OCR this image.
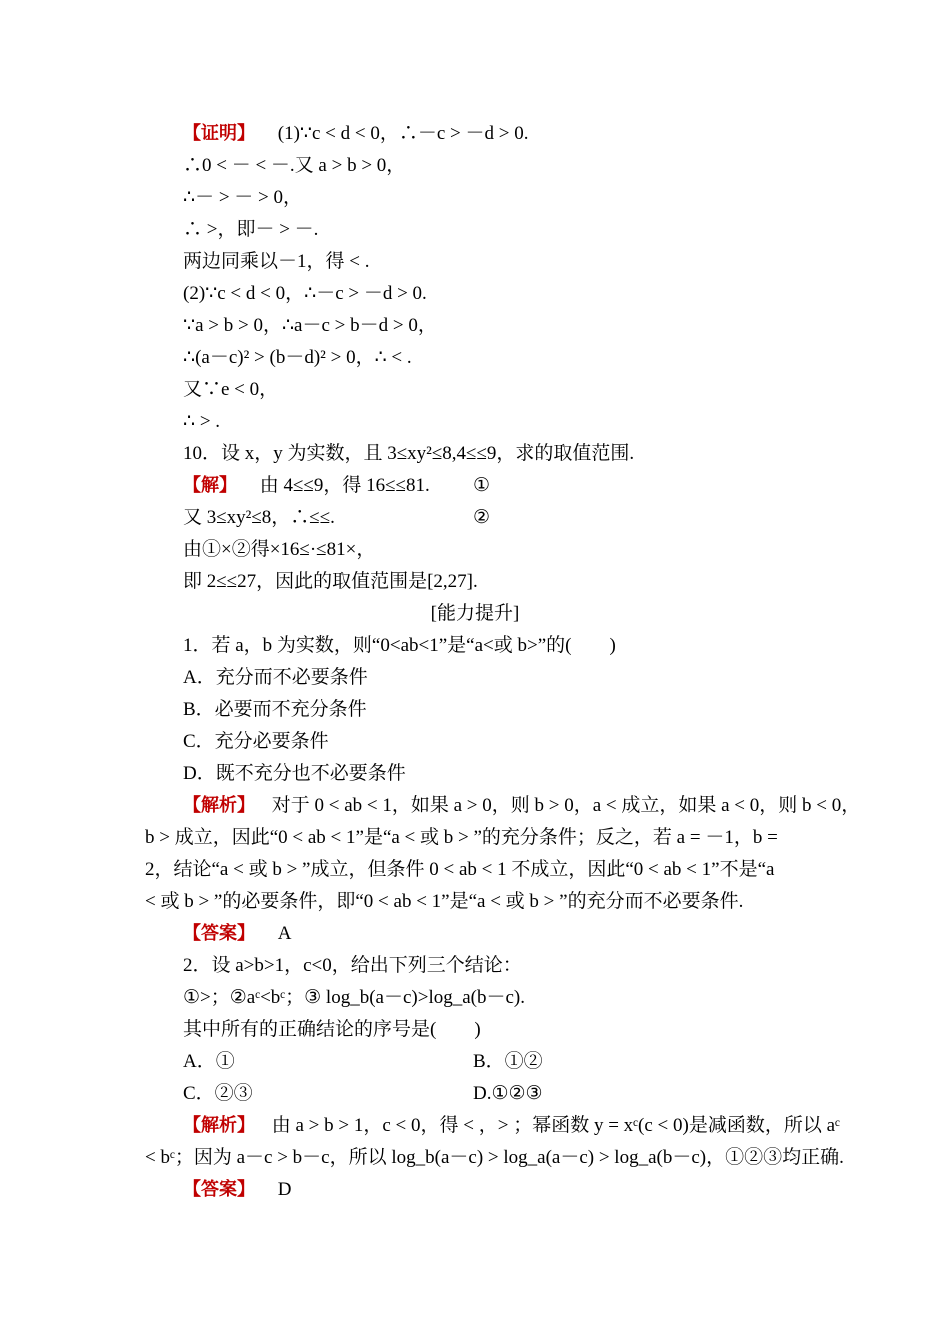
【证明】 (1)∵c < d < 0，∴－c > －d > 0.
∴0 < － < －.又 a > b > 0，
∴－ > － > 0，
∴ >，即－ > －.
两边同乘以－1，得 < .
(2)∵c < d < 0，∴－c > －d > 0.
∵a > b > 0，∴a－c > b－d > 0，
∴(a－c)² > (b－d)² > 0，∴ < .
又∵e < 0，
∴ > .
10．设 x，y 为实数，且 3≤xy²≤8,4≤≤9，求的取值范围.
【解】 由 4≤≤9，得 16≤≤81. ①
又 3≤xy²≤8，∴≤≤.	②
由①×②得×16≤·≤81×，
即 2≤≤27，因此的取值范围是[2,27].
[能力提升]
1．若 a，b 为实数，则“0<ab<1”是“a<或 b>”的(　　)
A．充分而不必要条件
B．必要而不充分条件
C．充分必要条件
D．既不充分也不必要条件
【解析】 对于 0 < ab < 1，如果 a > 0，则 b > 0，a < 成立，如果 a < 0，则 b < 0，
b > 成立，因此“0 < ab < 1”是“a < 或 b > ”的充分条件；反之，若 a = －1，b =
2，结论“a < 或 b > ”成立，但条件 0 < ab < 1 不成立，因此“0 < ab < 1”不是“a
< 或 b > ”的必要条件，即“0 < ab < 1”是“a < 或 b > ”的充分而不必要条件.
【答案】 A
2．设 a>b>1，c<0，给出下列三个结论：
①>；②aᶜ<bᶜ；③ log_b(a－c)>log_a(b－c).
其中所有的正确结论的序号是(　　)
A．①	B．①②
C．②③	D.①②③
【解析】 由 a > b > 1，c < 0，得 < ，> ；幂函数 y = xᶜ(c < 0)是减函数，所以 aᶜ
< bᶜ；因为 a－c > b－c，所以 log_b(a－c) > log_a(a－c) > log_a(b－c)，①②③均正确.
【答案】 D
